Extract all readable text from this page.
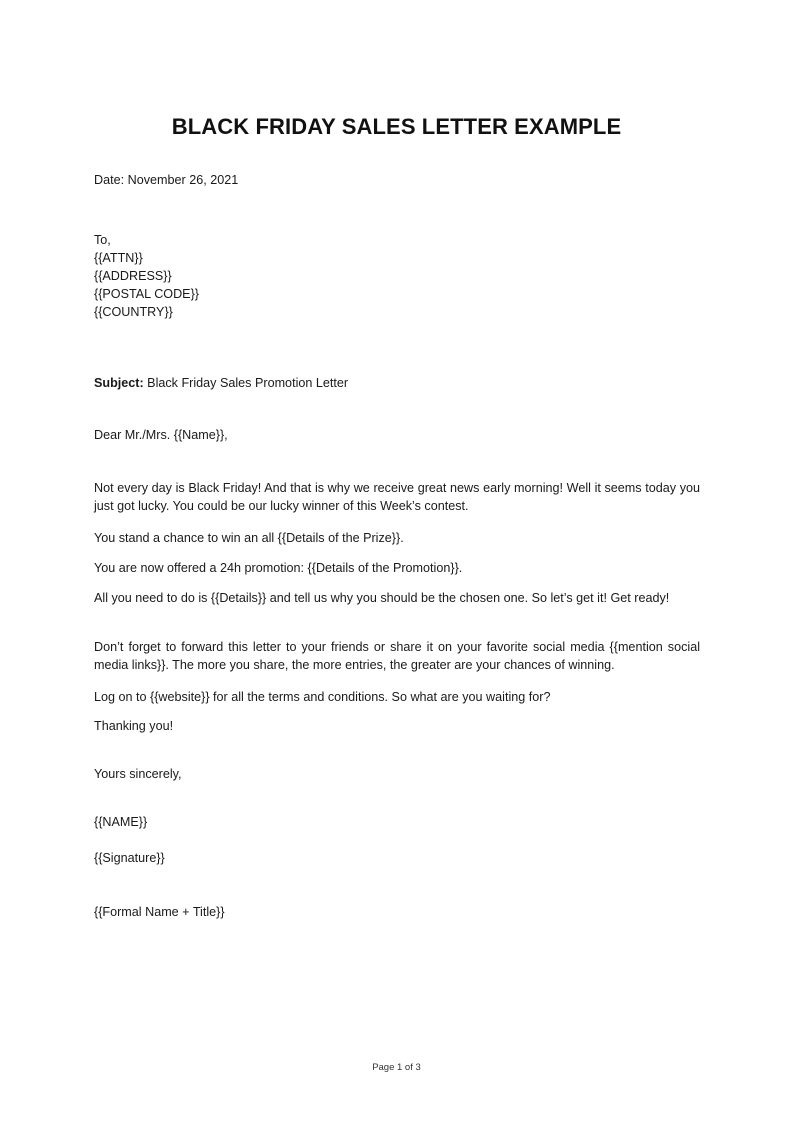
BLACK FRIDAY SALES LETTER EXAMPLE
Date: November 26, 2021
To,
{{ATTN}}
{{ADDRESS}}
{{POSTAL CODE}}
{{COUNTRY}}
Subject: Black Friday Sales Promotion Letter
Dear Mr./Mrs. {{Name}},
Not every day is Black Friday! And that is why we receive great news early morning! Well it seems today you just got lucky. You could be our lucky winner of this Week’s contest.
You stand a chance to win an all {{Details of the Prize}}.
You are now offered a 24h promotion: {{Details of the Promotion}}.
All you need to do is {{Details}} and tell us why you should be the chosen one. So let’s get it! Get ready!
Don’t forget to forward this letter to your friends or share it on your favorite social media {{mention social media links}}. The more you share, the more entries, the greater are your chances of winning.
Log on to {{website}} for all the terms and conditions. So what are you waiting for?
Thanking you!
Yours sincerely,
{{NAME}}
{{Signature}}
{{Formal Name + Title}}
Page 1 of 3
